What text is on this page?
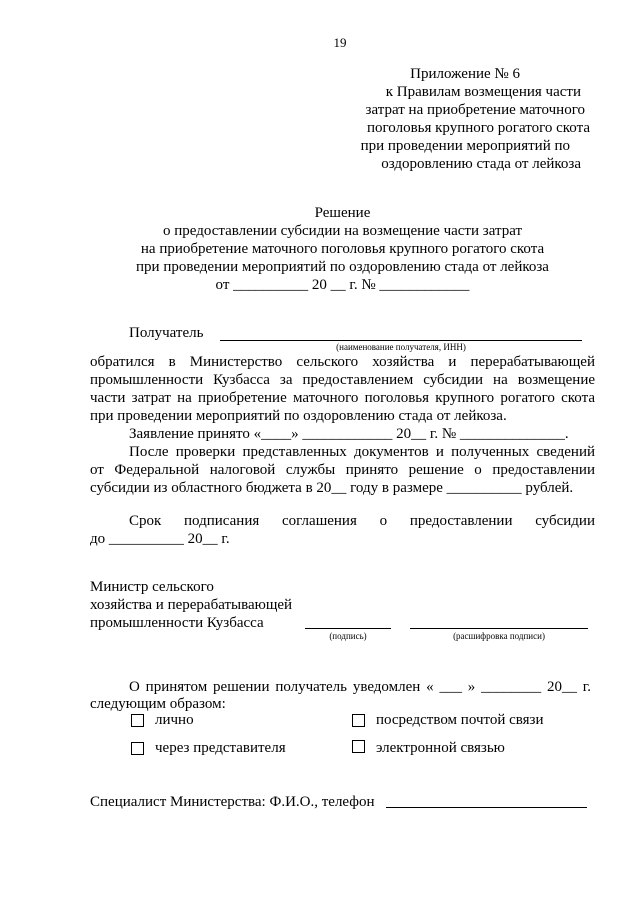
19
Приложение № 6
к Правилам возмещения части
затрат на приобретение маточного
поголовья крупного рогатого скота
при проведении мероприятий по
оздоровлению стада от лейкоза
Решение
о предоставлении субсидии на возмещение части затрат
на приобретение маточного поголовья крупного рогатого скота
при проведении мероприятий по оздоровлению стада от лейкоза
от __________ 20 __ г. № ____________
Получатель
(наименование получателя, ИНН)
обратился в Министерство сельского хозяйства и перерабатывающей
промышленности Кузбасса за предоставлением субсидии на возмещение
части затрат на приобретение маточного поголовья крупного рогатого скота
при проведении мероприятий по оздоровлению стада от лейкоза.
Заявление принято «____» ____________ 20__ г. № ______________.
После проверки представленных документов и полученных сведений
от Федеральной налоговой службы принято решение о предоставлении
субсидии из областного бюджета в 20__ году в размере __________ рублей.
Срок подписания соглашения о предоставлении субсидии
до __________ 20__ г.
Министр сельского
хозяйства и перерабатывающей
промышленности Кузбасса
(подпись)	(расшифровка подписи)
О принятом решении получатель уведомлен « ___ » ________ 20__ г.
следующим образом:
лично	посредством почтой связи
через представителя	электронной связью
Специалист Министерства: Ф.И.О., телефон
